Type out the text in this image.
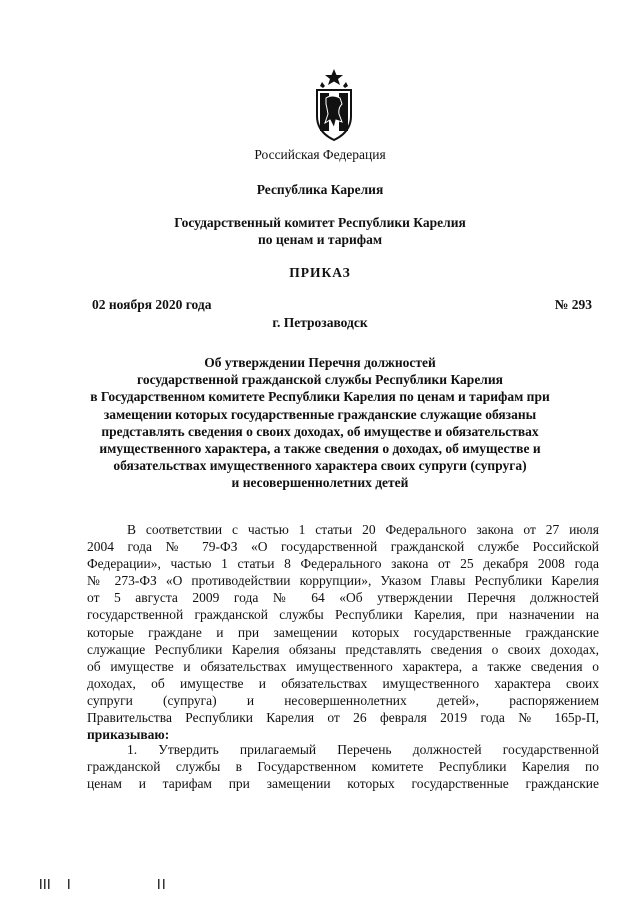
Российская Федерация
Республика Карелия
Государственный комитет Республики Карелия
по ценам и тарифам
ПРИКАЗ
02 ноября 2020 года	№ 293
г. Петрозаводск
Об утверждении Перечня должностей
государственной гражданской службы Республики Карелия
в Государственном комитете Республики Карелия по ценам и тарифам при
замещении которых государственные гражданские служащие обязаны
представлять сведения о своих доходах, об имуществе и обязательствах
имущественного характера, а также сведения о доходах, об имуществе и
обязательствах имущественного характера своих супруги (супруга)
и несовершеннолетних детей
В соответствии с частью 1 статьи 20 Федерального закона от 27 июля
2004 года № 79-ФЗ «О государственной гражданской службе Российской
Федерации», частью 1 статьи 8 Федерального закона от 25 декабря 2008 года
№ 273-ФЗ «О противодействии коррупции», Указом Главы Республики Карелия
от 5 августа 2009 года № 64 «Об утверждении Перечня должностей
государственной гражданской службы Республики Карелия, при назначении на
которые граждане и при замещении которых государственные гражданские
служащие Республики Карелия обязаны представлять сведения о своих доходах,
об имуществе и обязательствах имущественного характера, а также сведения о
доходах, об имуществе и обязательствах имущественного характера своих
супруги (супруга) и несовершеннолетних детей», распоряжением
Правительства Республики Карелия от 26 февраля 2019 года № 165р-П,
приказываю:
1. Утвердить прилагаемый Перечень должностей государственной
гражданской службы в Государственном комитете Республики Карелия по
ценам и тарифам при замещении которых государственные гражданские
